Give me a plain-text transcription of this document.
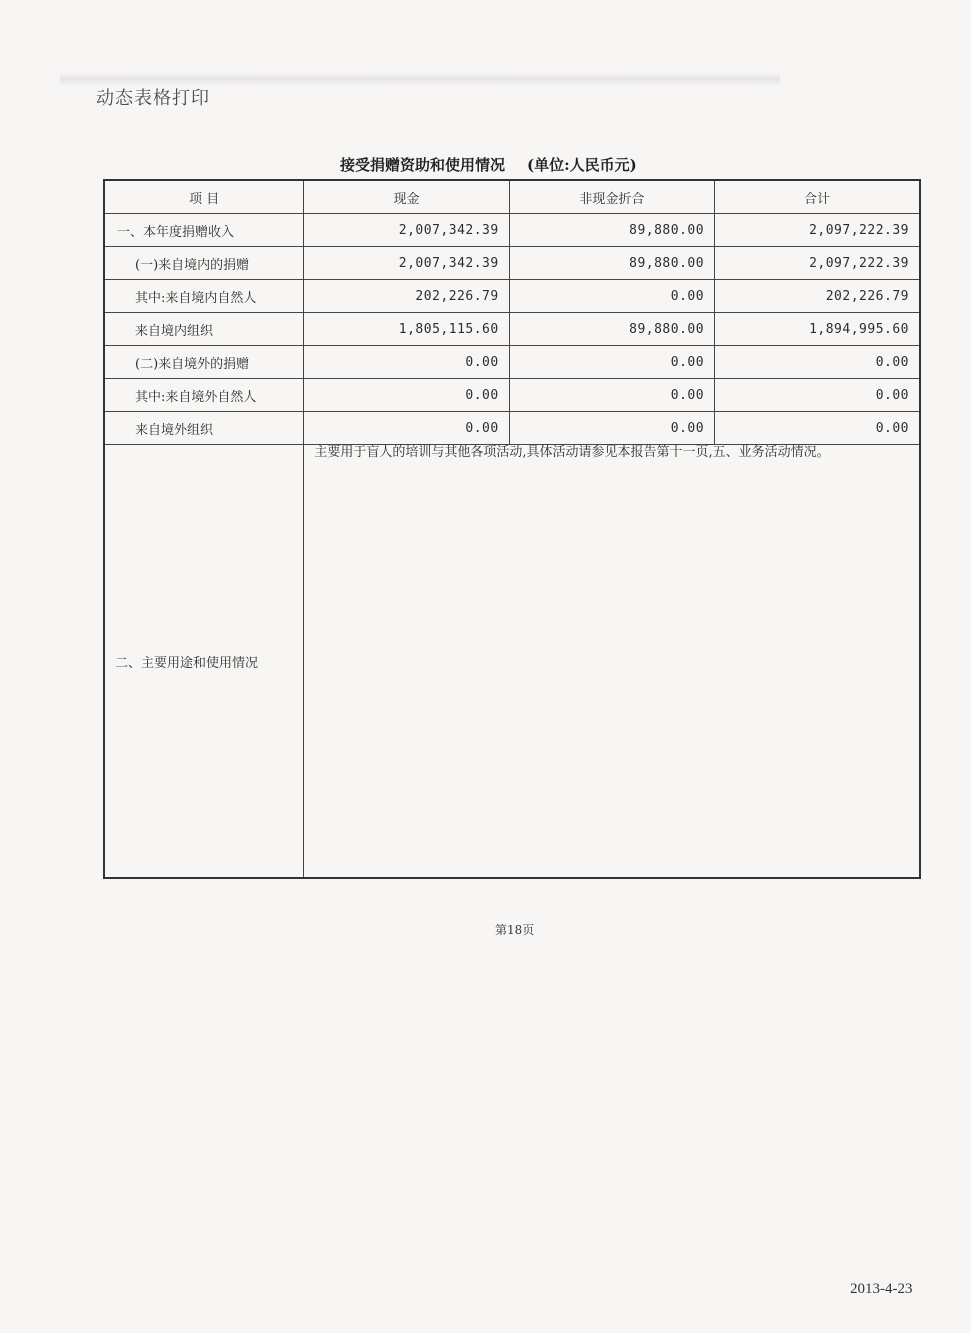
动态表格打印
接受捐赠资助和使用情况 (单位:人民币元)
项 目	现金	非现金折合	合计
一、本年度捐赠收入	2,007,342.39	89,880.00	2,097,222.39
(一)来自境内的捐赠	2,007,342.39	89,880.00	2,097,222.39
其中:来自境内自然人	202,226.79	0.00	202,226.79
来自境内组织	1,805,115.60	89,880.00	1,894,995.60
(二)来自境外的捐赠	0.00	0.00	0.00
其中:来自境外自然人	0.00	0.00	0.00
来自境外组织	0.00	0.00	0.00
二、主要用途和使用情况	主要用于盲人的培训与其他各项活动,具体活动请参见本报告第十一页,五、业务活动情况。		
第18页
2013-4-23
